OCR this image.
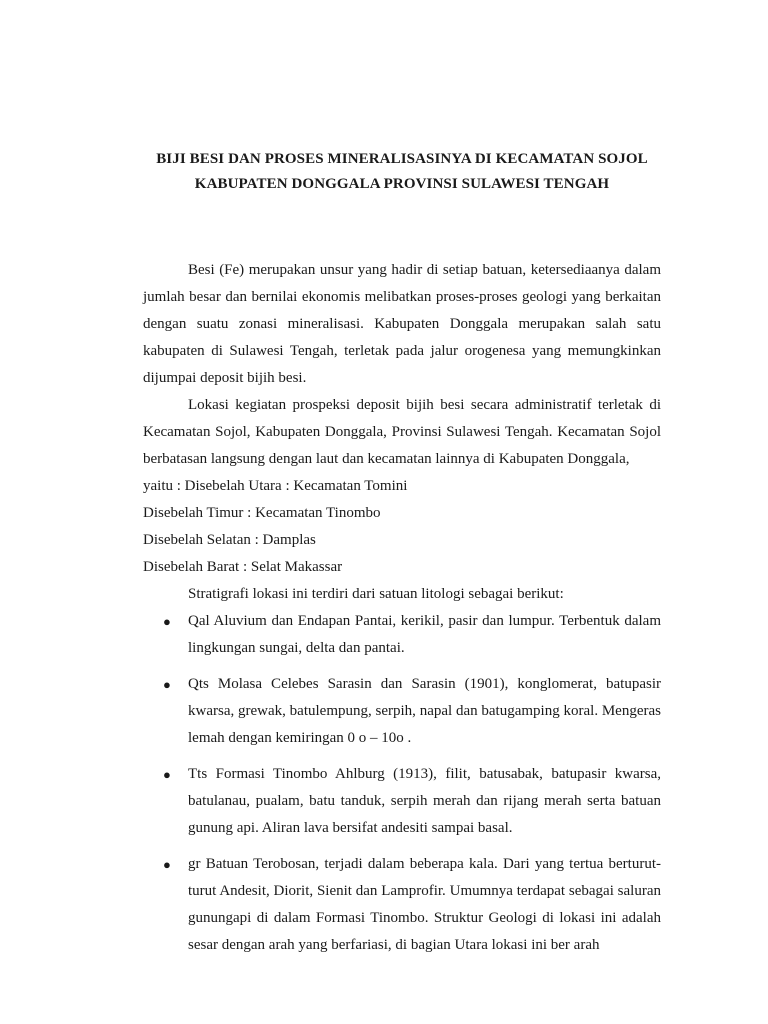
BIJI BESI DAN PROSES MINERALISASINYA DI KECAMATAN SOJOL
KABUPATEN DONGGALA PROVINSI SULAWESI TENGAH

Besi (Fe) merupakan unsur yang hadir di setiap batuan, ketersediaanya dalam jumlah besar dan bernilai ekonomis melibatkan proses-proses geologi yang berkaitan dengan suatu zonasi mineralisasi. Kabupaten Donggala merupakan salah satu kabupaten di Sulawesi Tengah, terletak pada jalur orogenesa yang memungkinkan dijumpai deposit bijih besi.

Lokasi kegiatan prospeksi deposit bijih besi secara administratif terletak di Kecamatan Sojol, Kabupaten Donggala, Provinsi Sulawesi Tengah. Kecamatan Sojol berbatasan langsung dengan laut dan kecamatan lainnya di Kabupaten Donggala,

yaitu : Disebelah Utara : Kecamatan Tomini

Disebelah Timur : Kecamatan Tinombo

Disebelah Selatan : Damplas

Disebelah Barat : Selat Makassar

Stratigrafi lokasi ini terdiri dari satuan litologi sebagai berikut:

● Qal Aluvium dan Endapan Pantai, kerikil, pasir dan lumpur. Terbentuk dalam lingkungan sungai, delta dan pantai.
● Qts Molasa Celebes Sarasin dan Sarasin (1901), konglomerat, batupasir kwarsa, grewak, batulempung, serpih, napal dan batugamping koral. Mengeras lemah dengan kemiringan 0 o – 10o .
● Tts Formasi Tinombo Ahlburg (1913), filit, batusabak, batupasir kwarsa, batulanau, pualam, batu tanduk, serpih merah dan rijang merah serta batuan gunung api. Aliran lava bersifat andesiti sampai basal.
● gr Batuan Terobosan, terjadi dalam beberapa kala. Dari yang tertua berturut-turut Andesit, Diorit, Sienit dan Lamprofir. Umumnya terdapat sebagai saluran gunungapi di dalam Formasi Tinombo. Struktur Geologi di lokasi ini adalah sesar dengan arah yang berfariasi, di bagian Utara lokasi ini ber arah
